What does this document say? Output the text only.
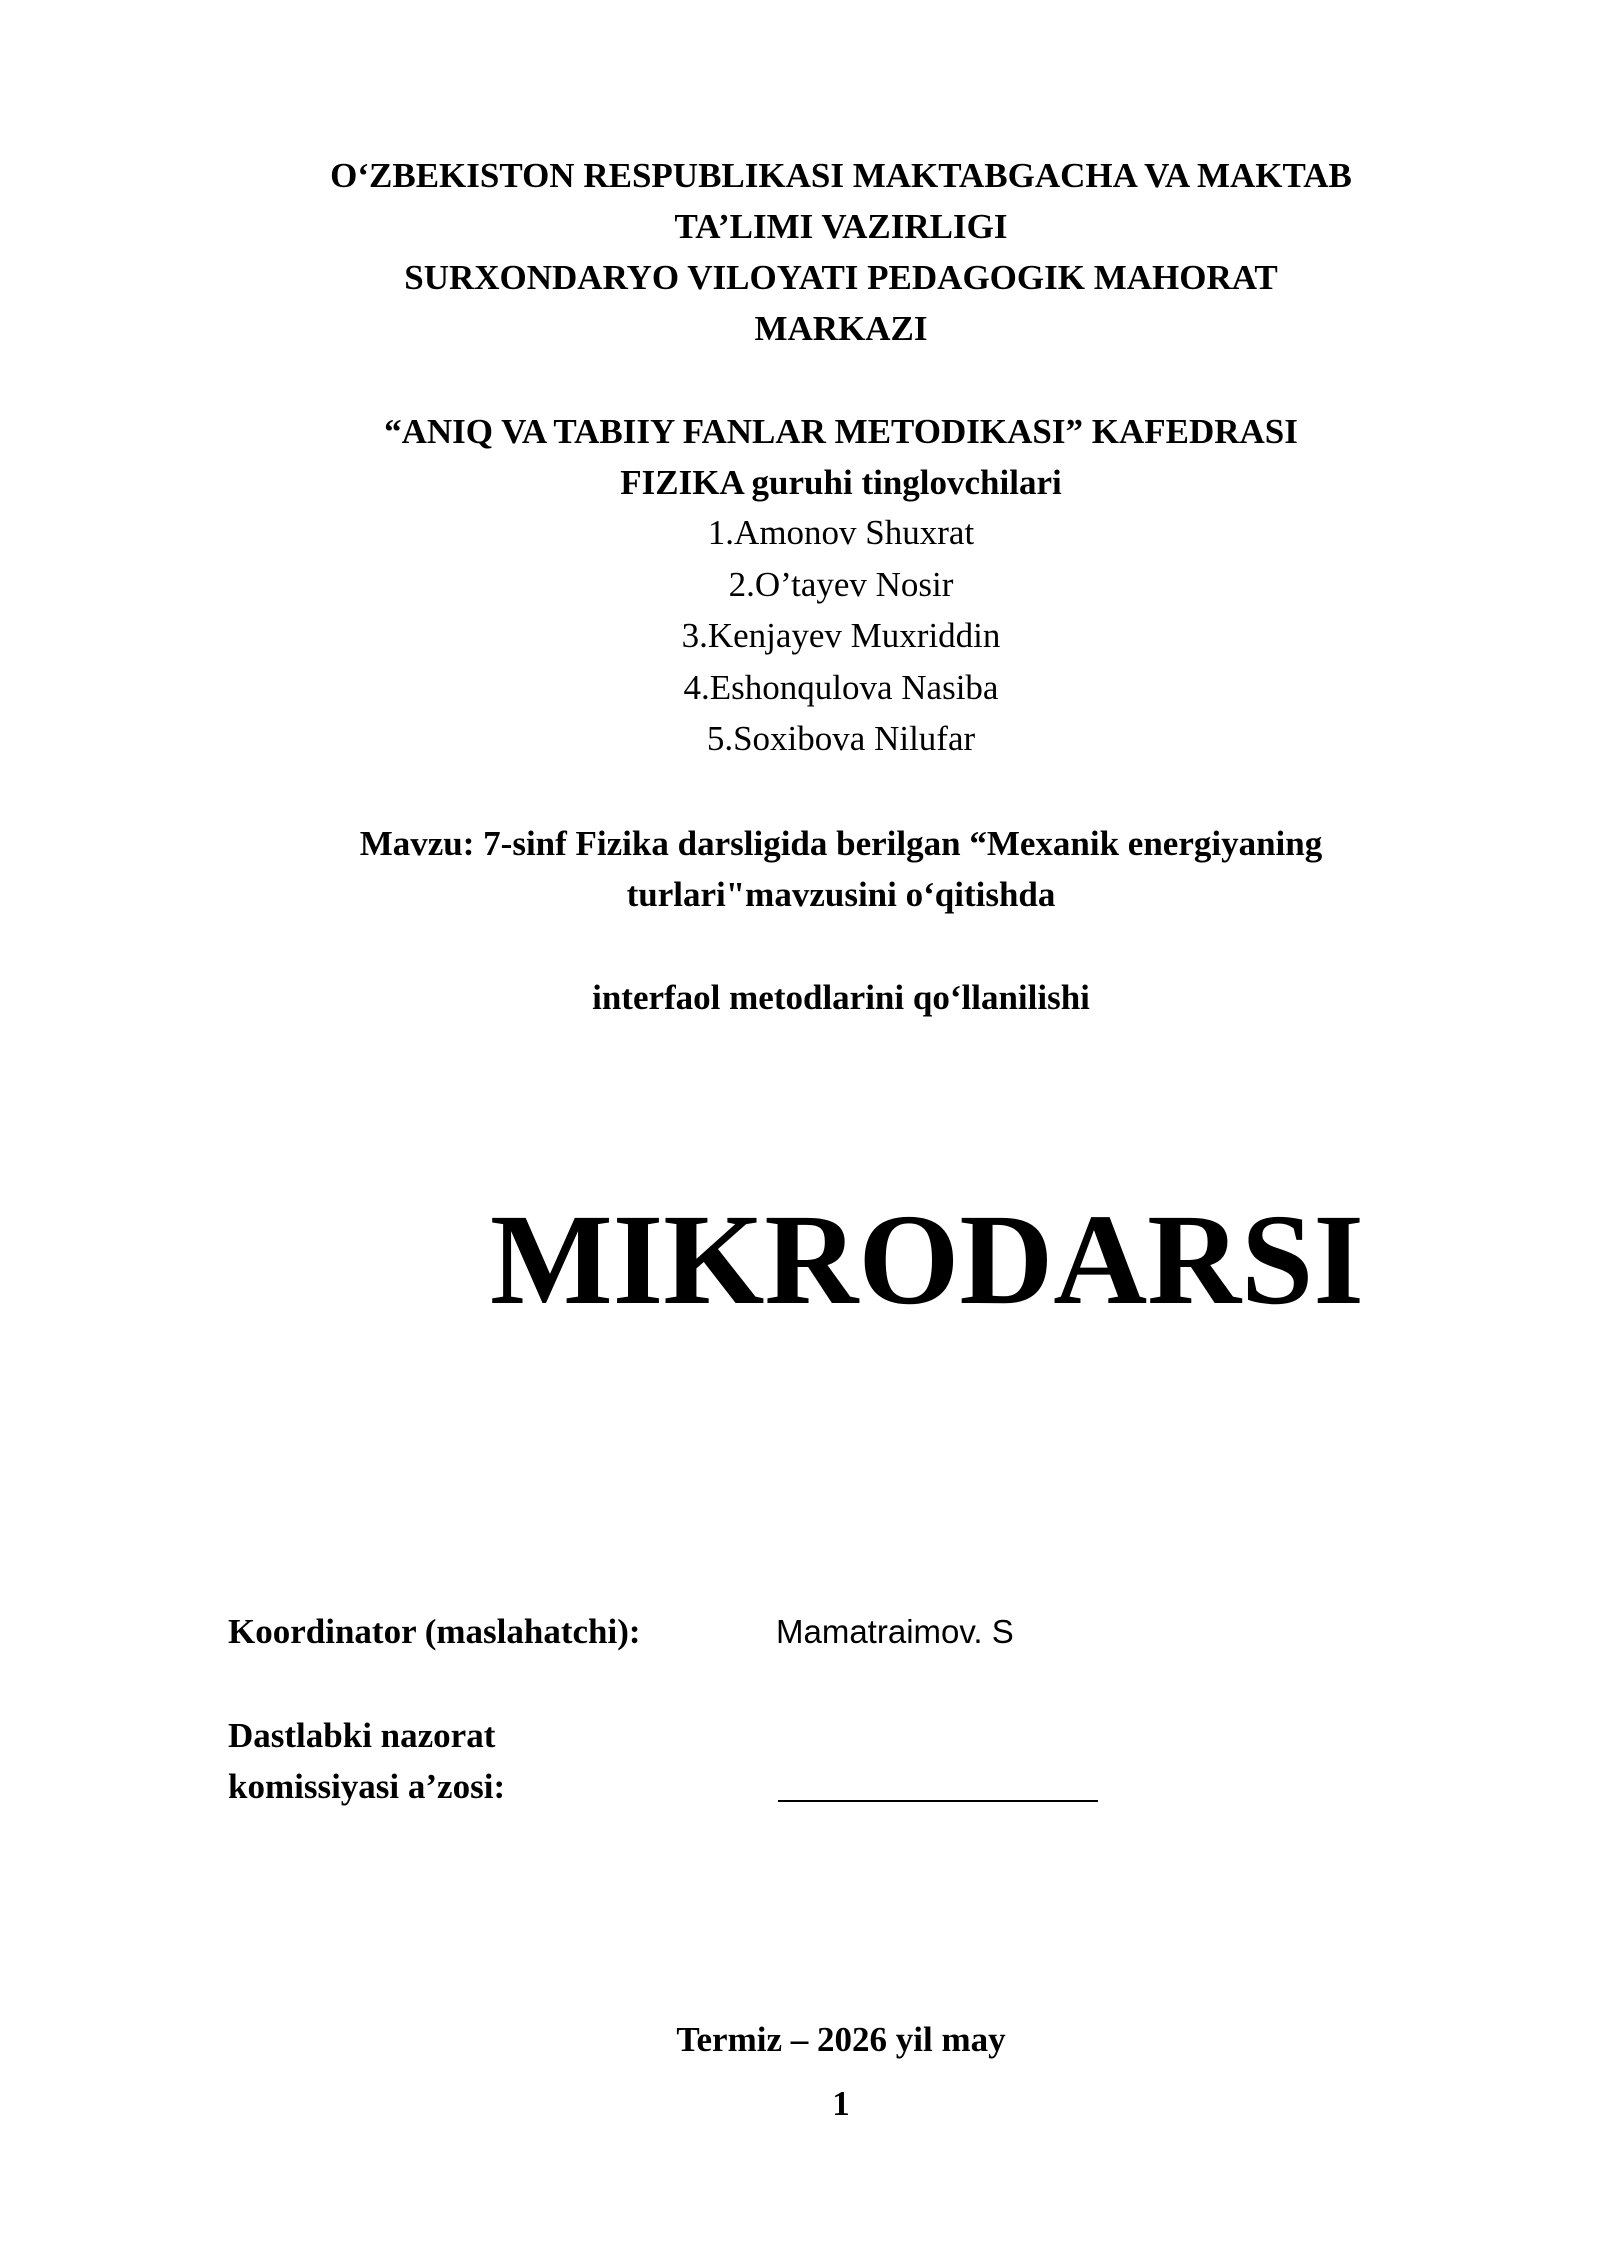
O‘ZBEKISTON RESPUBLIKASI MAKTABGACHA VA MAKTAB
TA’LIMI VAZIRLIGI
SURXONDARYO VILOYATI PEDAGOGIK MAHORAT
MARKAZI
“ANIQ VA TABIIY FANLAR METODIKASI” KAFEDRASI
FIZIKA guruhi tinglovchilari
1.Amonov Shuxrat
2.O’tayev Nosir
3.Kenjayev Muxriddin
4.Eshonqulova Nasiba
5.Soxibova Nilufar
Mavzu: 7-sinf Fizika darsligida berilgan “Mexanik energiyaning
turlari"mavzusini o‘qitishda
interfaol metodlarini qo‘llanilishi
MIKRODARSI
Koordinator (maslahatchi):	Mamatraimov. S
Dastlabki nazorat
komissiyasi a’zosi:
Termiz – 2026 yil may
1
